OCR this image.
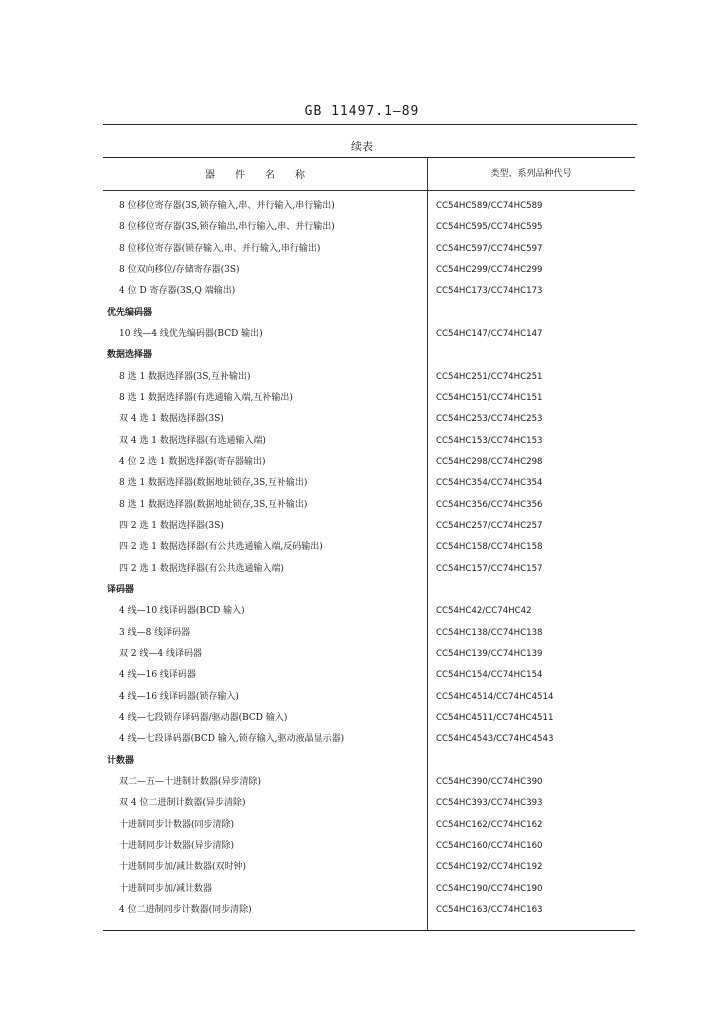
GB 11497.1—89
续表
器件名称	类型、系列品种代号
8 位移位寄存器(3S,锁存输入,串、并行输入,串行输出)	CC54HC589/CC74HC589
8 位移位寄存器(3S,锁存输出,串行输入,串、并行输出)	CC54HC595/CC74HC595
8 位移位寄存器(锁存输入,串、并行输入,串行输出)	CC54HC597/CC74HC597
8 位双向移位/存储寄存器(3S)	CC54HC299/CC74HC299
4 位 D 寄存器(3S,Q 端输出)	CC54HC173/CC74HC173
优先编码器
10 线—4 线优先编码器(BCD 输出)	CC54HC147/CC74HC147
数据选择器
8 选 1 数据选择器(3S,互补输出)	CC54HC251/CC74HC251
8 选 1 数据选择器(有选通输入端,互补输出)	CC54HC151/CC74HC151
双 4 选 1 数据选择器(3S)	CC54HC253/CC74HC253
双 4 选 1 数据选择器(有选通输入端)	CC54HC153/CC74HC153
4 位 2 选 1 数据选择器(寄存器输出)	CC54HC298/CC74HC298
8 选 1 数据选择器(数据地址锁存,3S,互补输出)	CC54HC354/CC74HC354
8 选 1 数据选择器(数据地址锁存,3S,互补输出)	CC54HC356/CC74HC356
四 2 选 1 数据选择器(3S)	CC54HC257/CC74HC257
四 2 选 1 数据选择器(有公共选通输入端,反码输出)	CC54HC158/CC74HC158
四 2 选 1 数据选择器(有公共选通输入端)	CC54HC157/CC74HC157
译码器
4 线—10 线译码器(BCD 输入)	CC54HC42/CC74HC42
3 线—8 线译码器	CC54HC138/CC74HC138
双 2 线—4 线译码器	CC54HC139/CC74HC139
4 线—16 线译码器	CC54HC154/CC74HC154
4 线—16 线译码器(锁存输入)	CC54HC4514/CC74HC4514
4 线—七段锁存译码器/驱动器(BCD 输入)	CC54HC4511/CC74HC4511
4 线—七段译码器(BCD 输入,锁存输入,驱动液晶显示器)	CC54HC4543/CC74HC4543
计数器
双二—五—十进制计数器(异步清除)	CC54HC390/CC74HC390
双 4 位二进制计数器(异步清除)	CC54HC393/CC74HC393
十进制同步计数器(同步清除)	CC54HC162/CC74HC162
十进制同步计数器(异步清除)	CC54HC160/CC74HC160
十进制同步加/减计数器(双时钟)	CC54HC192/CC74HC192
十进制同步加/减计数器	CC54HC190/CC74HC190
4 位二进制同步计数器(同步清除)	CC54HC163/CC74HC163
